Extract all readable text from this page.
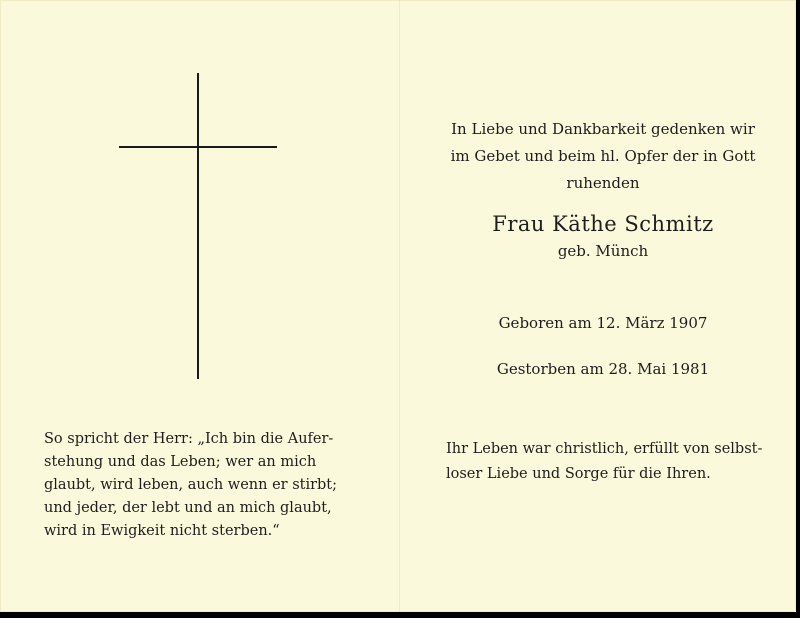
In Liebe und Dankbarkeit gedenken wir
im Gebet und beim hl. Opfer der in Gott
ruhenden
Frau Käthe Schmitz
geb. Münch
Geboren am 12. März 1907
Gestorben am 28. Mai 1981
So spricht der Herr: „Ich bin die Aufer-
stehung und das Leben; wer an mich
glaubt, wird leben, auch wenn er stirbt;
und jeder, der lebt und an mich glaubt,
wird in Ewigkeit nicht sterben.“
Ihr Leben war christlich, erfüllt von selbst-
loser Liebe und Sorge für die Ihren.
